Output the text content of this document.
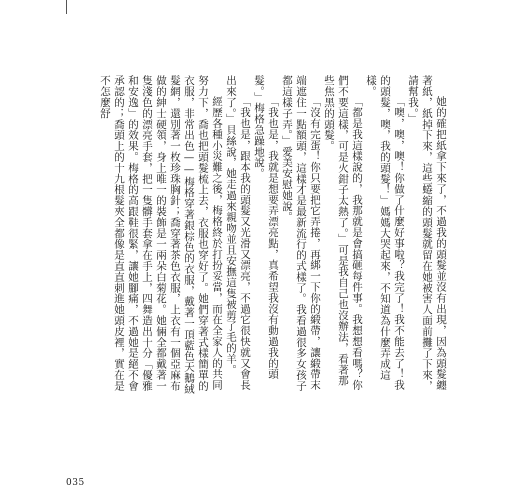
她的確把紙拿下來了，不過我的頭髮並沒有出現，因為頭髮纏著紙，紙掉下來，這些蜷縮的頭髮就留在她被害人面前攤了下來，請幫我。」

「噢，噢，噢！你做了什麼好事啦？我完了！我不能去了！我的頭髮，噢，我的頭髮！」媽媽大哭起來，不知道為什麼弄成這樣。

「都是我這樣說的，我那就是會搞砸每件事。我想想看嗎？你們不要這樣，可是火鉗子太熱了。」可是我自己也沒辦法，看著那些焦黑的頭髮。

「沒有完蛋！你只要把它弄捲，再綁一下你的緞帶，讓緞帶末端遮住一點額頭，這樣才是最新流行的式樣了。我看過很多女孩子都這樣子弄。」愛美安慰她說。

「我也是，我就是想要弄漂亮點，真希望我沒有動過我的頭髮。」梅格急躁地說。

「我也是，跟本我的頭髮又光滑又漂亮，不過它很快就又會長出來了。」貝絲說，她走過來親吻並且安撫這隻被剪了毛的羊。

經歷各種小災難之後，梅格終於打扮妥當，而在全家人的共同努力下，喬也把頭髮梳上去，衣服也穿好了。她們穿著式樣簡單的衣服，非常出色——梅格穿著銀棕色的衣服，戴著一頂藍色天鵝絨髮網，還別著一枚珍珠胸針；喬穿著茶色衣服，上衣有一個亞麻布做的紳士硬領，身上唯一的裝飾是一兩朵白菊花。她倆全都戴著一隻淺色的漂亮手套，把一隻髒手套拿在手上，四舞造出十分「優雅和安逸」的效果。梅格的高跟鞋很緊，讓她腳痛，不過她是絕不會承認的；喬頭上的十九根髮夾全都像是直直刺進她頭皮裡，實在是不怎麼舒

035
